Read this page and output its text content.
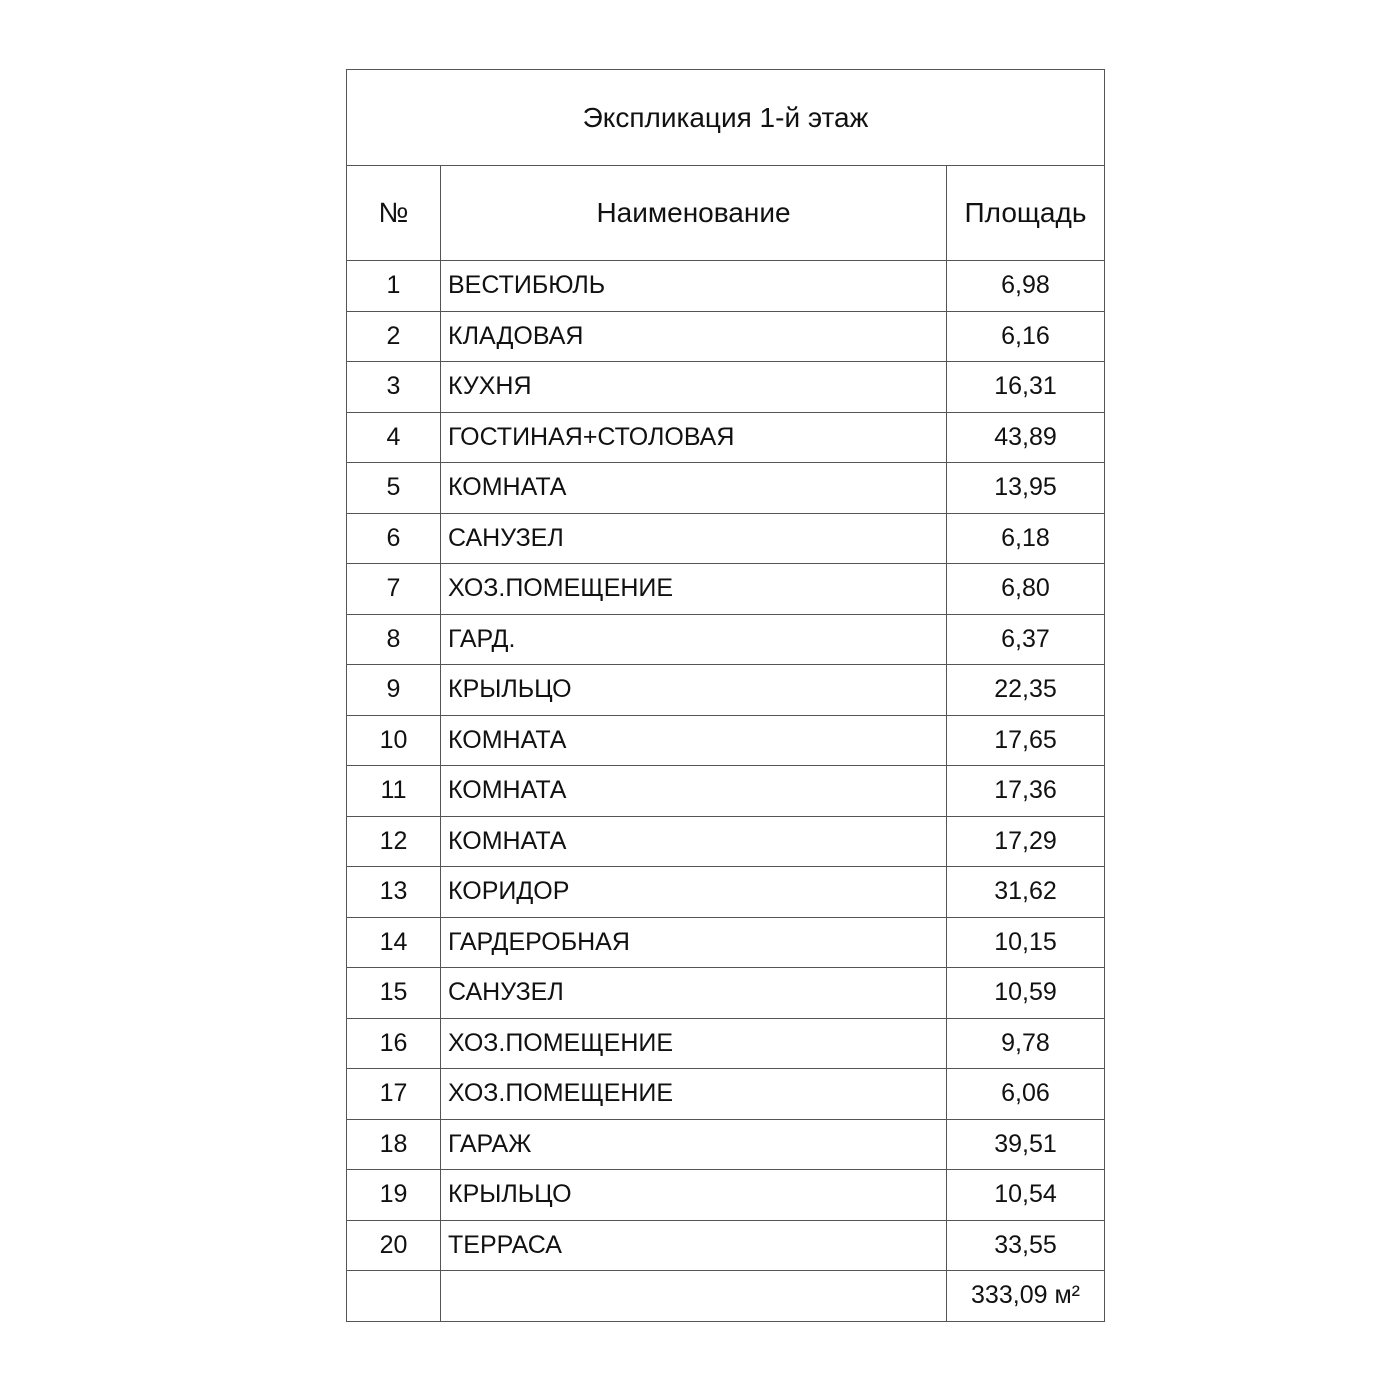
Экспликация 1-й этаж		
№	Наименование	Площадь
1	ВЕСТИБЮЛЬ	6,98
2	КЛАДОВАЯ	6,16
3	КУХНЯ	16,31
4	ГОСТИНАЯ+СТОЛОВАЯ	43,89
5	КОМНАТА	13,95
6	САНУЗЕЛ	6,18
7	ХОЗ.ПОМЕЩЕНИЕ	6,80
8	ГАРД.	6,37
9	КРЫЛЬЦО	22,35
10	КОМНАТА	17,65
11	КОМНАТА	17,36
12	КОМНАТА	17,29
13	КОРИДОР	31,62
14	ГАРДЕРОБНАЯ	10,15
15	САНУЗЕЛ	10,59
16	ХОЗ.ПОМЕЩЕНИЕ	9,78
17	ХОЗ.ПОМЕЩЕНИЕ	6,06
18	ГАРАЖ	39,51
19	КРЫЛЬЦО	10,54
20	ТЕРРАСА	33,55
		333,09 м²
